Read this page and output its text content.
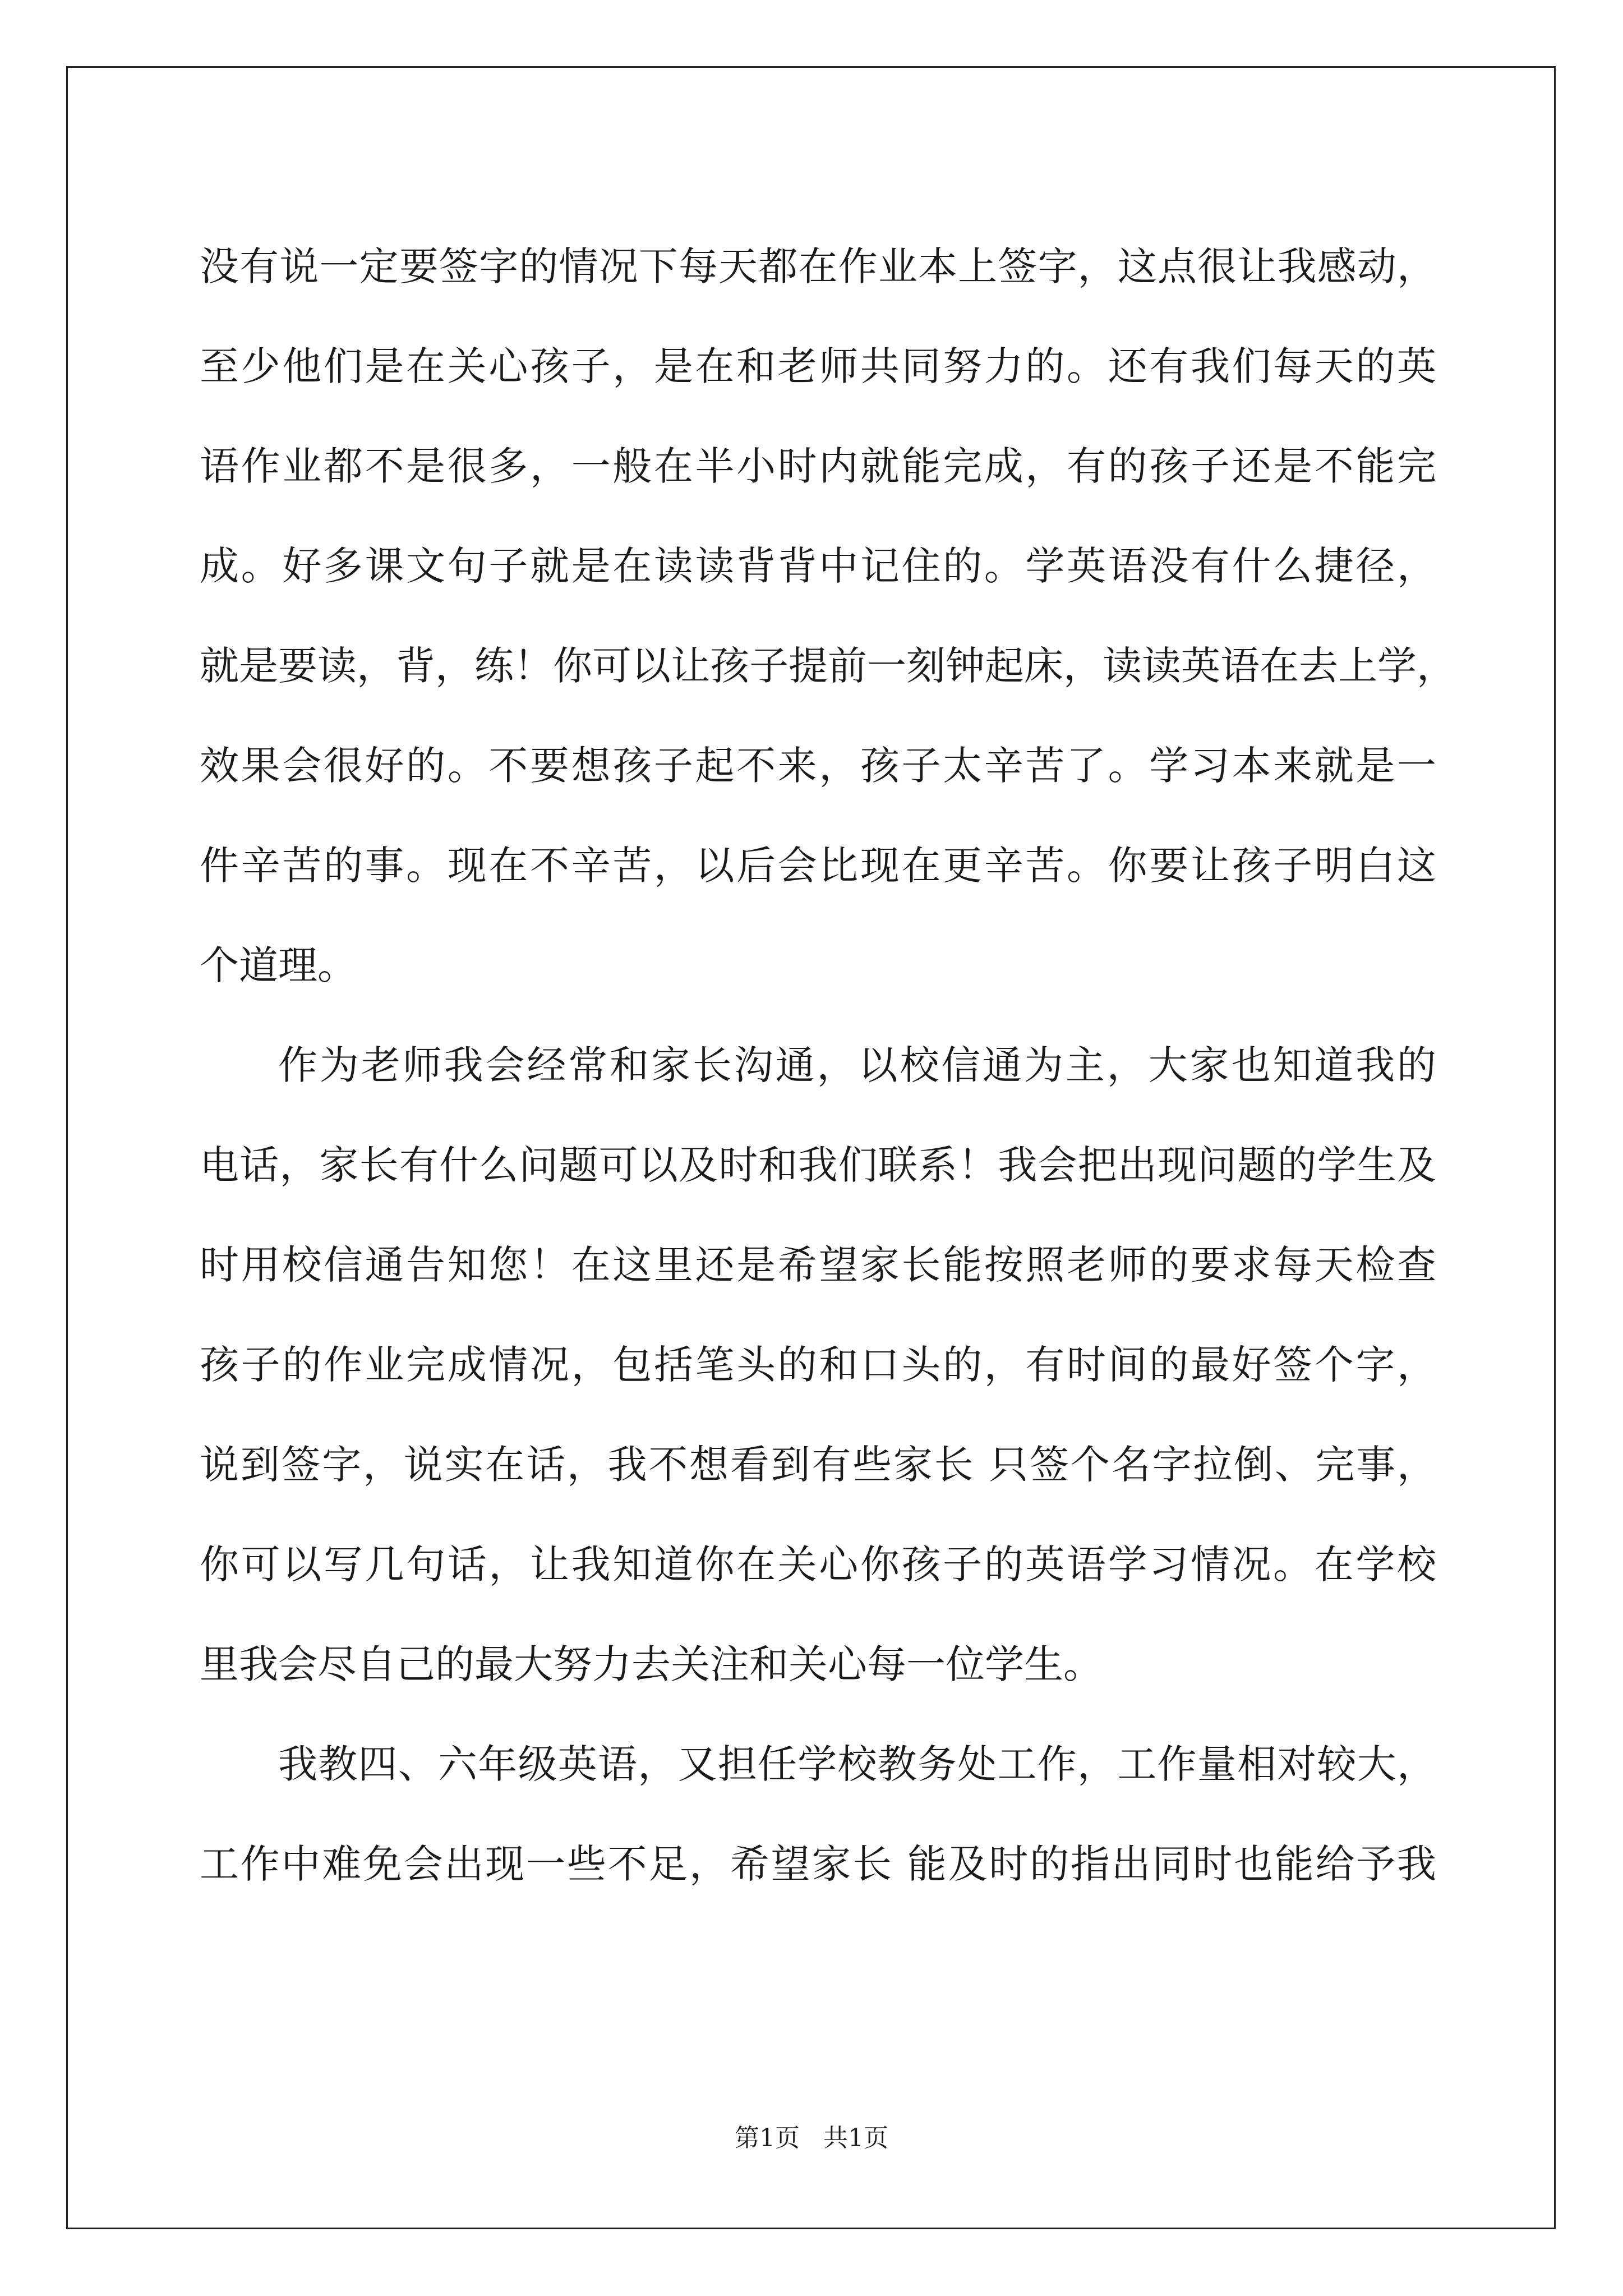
没有说一定要签字的情况下每天都在作业本上签字，这点很让我感动，
至少他们是在关心孩子，是在和老师共同努力的。还有我们每天的英
语作业都不是很多，一般在半小时内就能完成，有的孩子还是不能完
成。好多课文句子就是在读读背背中记住的。学英语没有什么捷径，
就是要读，背，练！你可以让孩子提前一刻钟起床，读读英语在去上学，
效果会很好的。不要想孩子起不来，孩子太辛苦了。学习本来就是一
件辛苦的事。现在不辛苦，以后会比现在更辛苦。你要让孩子明白这
个道理。
作为老师我会经常和家长沟通，以校信通为主，大家也知道我的
电话，家长有什么问题可以及时和我们联系！我会把出现问题的学生及
时用校信通告知您！在这里还是希望家长能按照老师的要求每天检查
孩子的作业完成情况，包括笔头的和口头的，有时间的最好签个字，
说到签字，说实在话，我不想看到有些家长 只签个名字拉倒、完事，
你可以写几句话，让我知道你在关心你孩子的英语学习情况。在学校
里我会尽自己的最大努力去关注和关心每一位学生。
我教四、六年级英语，又担任学校教务处工作，工作量相对较大，
工作中难免会出现一些不足，希望家长 能及时的指出同时也能给予我
第1页   共1页
